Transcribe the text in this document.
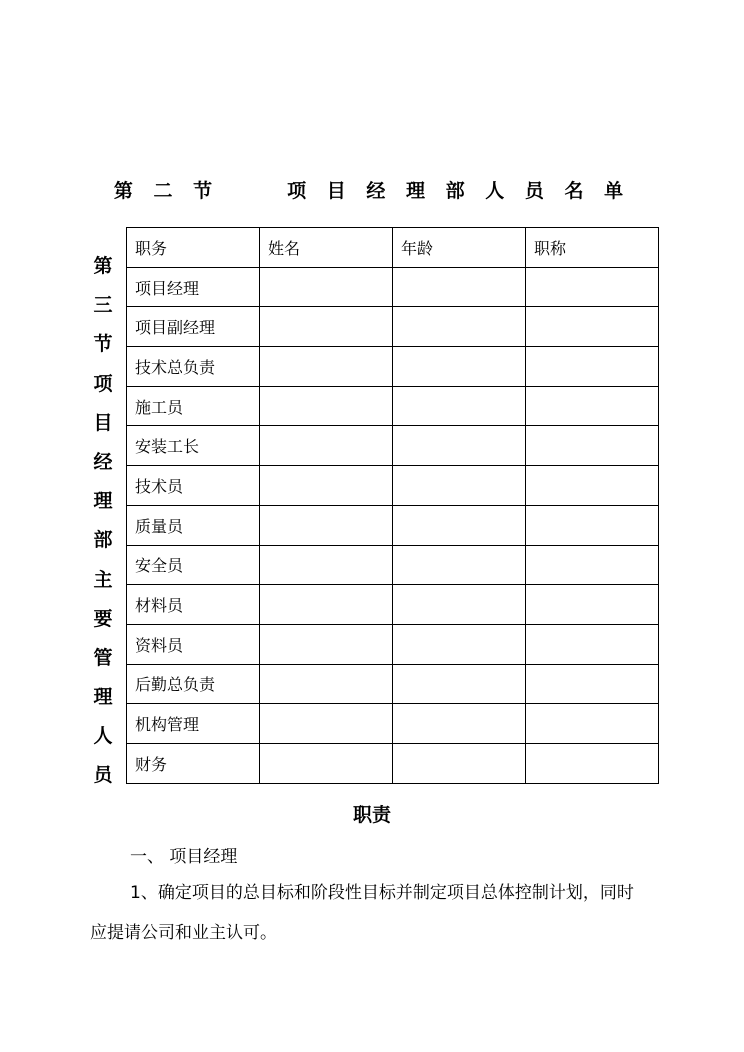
第 二 节     项 目 经 理 部 人 员 名 单
第
三
节
项
目
经
理
部
主
要
管
理
人
员
职务	姓名	年龄	职称
项目经理			
项目副经理			
技术总负责			
施工员			
安装工长			
技术员			
质量员			
安全员			
材料员			
资料员			
后勤总负责			
机构管理			
财务			
职责
一、 项目经理
1、确定项目的总目标和阶段性目标并制定项目总体控制计划，同时
应提请公司和业主认可。
